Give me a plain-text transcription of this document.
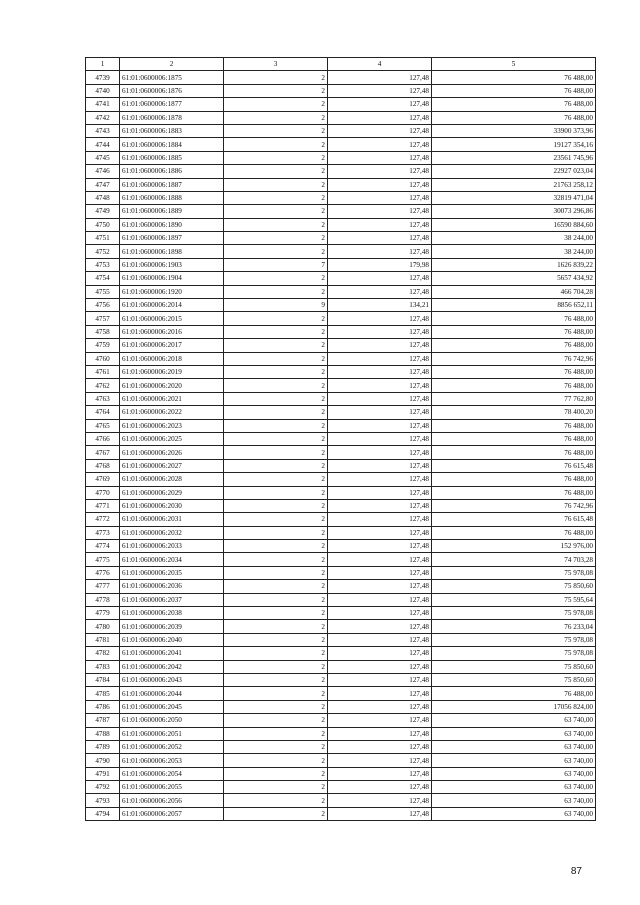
1	2	3	4	5
4739	61:01:0600006:1875	2	127,48	76 488,00
4740	61:01:0600006:1876	2	127,48	76 488,00
4741	61:01:0600006:1877	2	127,48	76 488,00
4742	61:01:0600006:1878	2	127,48	76 488,00
4743	61:01:0600006:1883	2	127,48	33900 373,96
4744	61:01:0600006:1884	2	127,48	19127 354,16
4745	61:01:0600006:1885	2	127,48	23561 745,96
4746	61:01:0600006:1886	2	127,48	22927 023,04
4747	61:01:0600006:1887	2	127,48	21763 258,12
4748	61:01:0600006:1888	2	127,48	32819 471,04
4749	61:01:0600006:1889	2	127,48	30073 296,86
4750	61:01:0600006:1890	2	127,48	16590 884,60
4751	61:01:0600006:1897	2	127,48	38 244,00
4752	61:01:0600006:1898	2	127,48	38 244,00
4753	61:01:0600006:1903	7	179,98	1626 839,22
4754	61:01:0600006:1904	2	127,48	5657 434,92
4755	61:01:0600006:1920	2	127,48	466 704,28
4756	61:01:0600006:2014	9	134,21	8856 652,11
4757	61:01:0600006:2015	2	127,48	76 488,00
4758	61:01:0600006:2016	2	127,48	76 488,00
4759	61:01:0600006:2017	2	127,48	76 488,00
4760	61:01:0600006:2018	2	127,48	76 742,96
4761	61:01:0600006:2019	2	127,48	76 488,00
4762	61:01:0600006:2020	2	127,48	76 488,00
4763	61:01:0600006:2021	2	127,48	77 762,80
4764	61:01:0600006:2022	2	127,48	78 400,20
4765	61:01:0600006:2023	2	127,48	76 488,00
4766	61:01:0600006:2025	2	127,48	76 488,00
4767	61:01:0600006:2026	2	127,48	76 488,00
4768	61:01:0600006:2027	2	127,48	76 615,48
4769	61:01:0600006:2028	2	127,48	76 488,00
4770	61:01:0600006:2029	2	127,48	76 488,00
4771	61:01:0600006:2030	2	127,48	76 742,96
4772	61:01:0600006:2031	2	127,48	76 615,48
4773	61:01:0600006:2032	2	127,48	76 488,00
4774	61:01:0600006:2033	2	127,48	152 976,00
4775	61:01:0600006:2034	2	127,48	74 703,28
4776	61:01:0600006:2035	2	127,48	75 978,08
4777	61:01:0600006:2036	2	127,48	75 850,60
4778	61:01:0600006:2037	2	127,48	75 595,64
4779	61:01:0600006:2038	2	127,48	75 978,08
4780	61:01:0600006:2039	2	127,48	76 233,04
4781	61:01:0600006:2040	2	127,48	75 978,08
4782	61:01:0600006:2041	2	127,48	75 978,08
4783	61:01:0600006:2042	2	127,48	75 850,60
4784	61:01:0600006:2043	2	127,48	75 850,60
4785	61:01:0600006:2044	2	127,48	76 488,00
4786	61:01:0600006:2045	2	127,48	17056 824,00
4787	61:01:0600006:2050	2	127,48	63 740,00
4788	61:01:0600006:2051	2	127,48	63 740,00
4789	61:01:0600006:2052	2	127,48	63 740,00
4790	61:01:0600006:2053	2	127,48	63 740,00
4791	61:01:0600006:2054	2	127,48	63 740,00
4792	61:01:0600006:2055	2	127,48	63 740,00
4793	61:01:0600006:2056	2	127,48	63 740,00
4794	61:01:0600006:2057	2	127,48	63 740,00
87
